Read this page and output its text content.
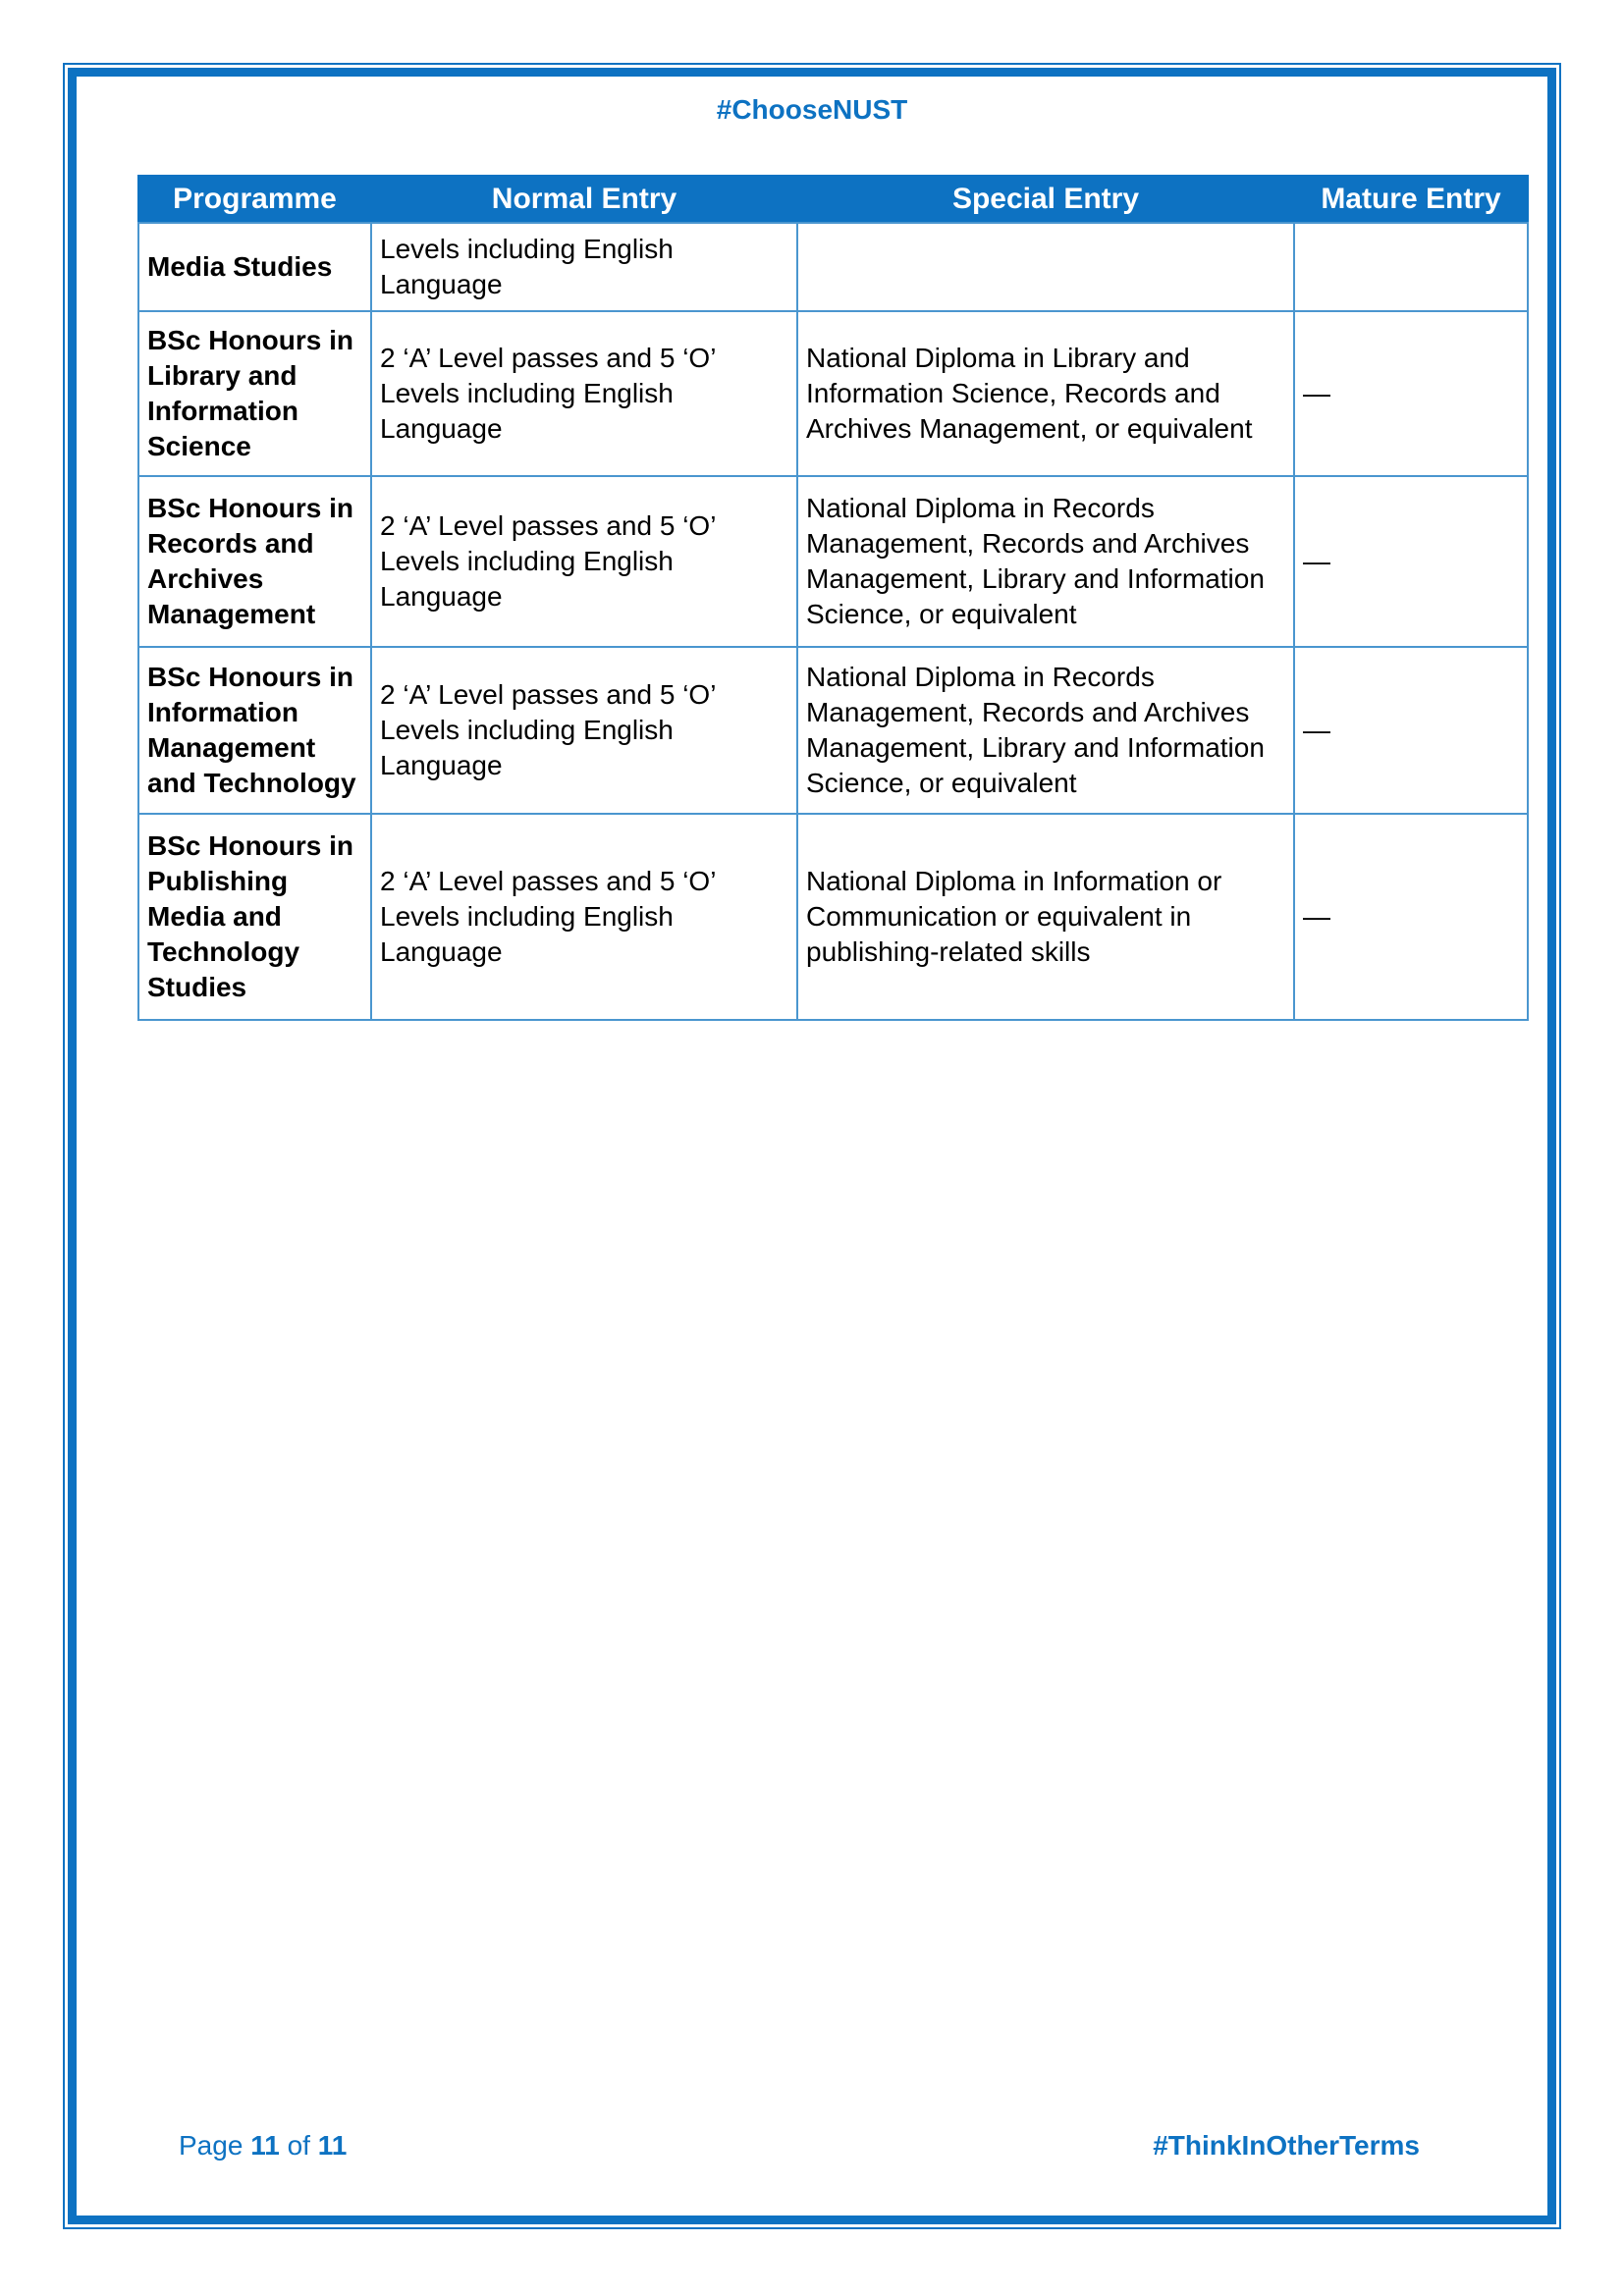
#ChooseNUST
Programme	Normal Entry	Special Entry	Mature Entry
Media Studies	Levels including English Language		
BSc Honours in Library and Information Science	2 ‘A’ Level passes and 5 ‘O’ Levels including English Language	National Diploma in Library and Information Science, Records and Archives Management, or equivalent	—
BSc Honours in Records and Archives Management	2 ‘A’ Level passes and 5 ‘O’ Levels including English Language	National Diploma in Records Management, Records and Archives Management, Library and Information Science, or equivalent	—
BSc Honours in Information Management and Technology	2 ‘A’ Level passes and 5 ‘O’ Levels including English Language	National Diploma in Records Management, Records and Archives Management, Library and Information Science, or equivalent	—
BSc Honours in Publishing Media and Technology Studies	2 ‘A’ Level passes and 5 ‘O’ Levels including English Language	National Diploma in Information or Communication or equivalent in publishing-related skills	—
Page 11 of 11	#ThinkInOtherTerms
